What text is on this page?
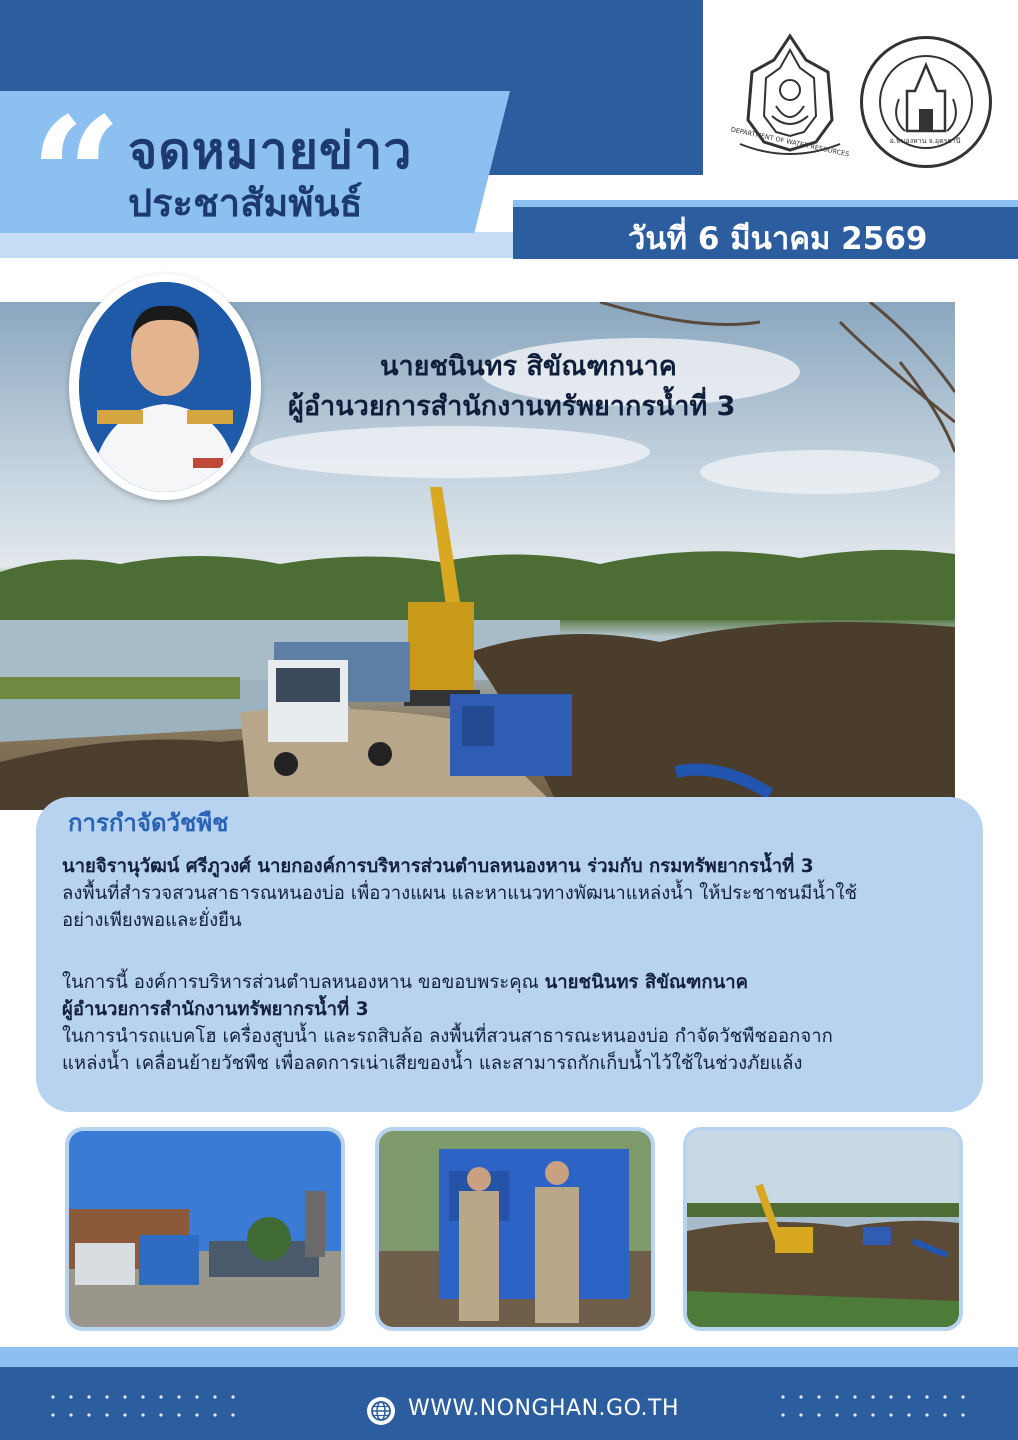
“ จดหมายข่าว
ประชาสัมพันธ์
DEPARTMENT OF WATER RESOURCES	อ.หนองหาน จ.อุดรธานี
วันที่ 6 มีนาคม 2569
นายชนินทร สิขัณฑกนาค
ผู้อำนวยการสำนักงานทรัพยากรน้ำที่ 3
การกำจัดวัชพืช
นายจิรานุวัฒน์ ศรีภูวงศ์ นายกองค์การบริหารส่วนตำบลหนองหาน ร่วมกับ กรมทรัพยากรน้ำที่ 3
ลงพื้นที่สำรวจสวนสาธารณหนองบ่อ เพื่อวางแผน และหาแนวทางพัฒนาแหล่งน้ำ ให้ประชาชนมีน้ำใช้
อย่างเพียงพอและยั่งยืน
ในการนี้ องค์การบริหารส่วนตำบลหนองหาน ขอขอบพระคุณ นายชนินทร สิขัณฑกนาค
ผู้อำนวยการสำนักงานทรัพยากรน้ำที่ 3
ในการนำรถแบคโฮ เครื่องสูบน้ำ และรถสิบล้อ ลงพื้นที่สวนสาธารณะหนองบ่อ กำจัดวัชพืชออกจาก
แหล่งน้ำ เคลื่อนย้ายวัชพืช เพื่อลดการเน่าเสียของน้ำ และสามารถกักเก็บน้ำไว้ใช้ในช่วงภัยแล้ง
WWW.NONGHAN.GO.TH
